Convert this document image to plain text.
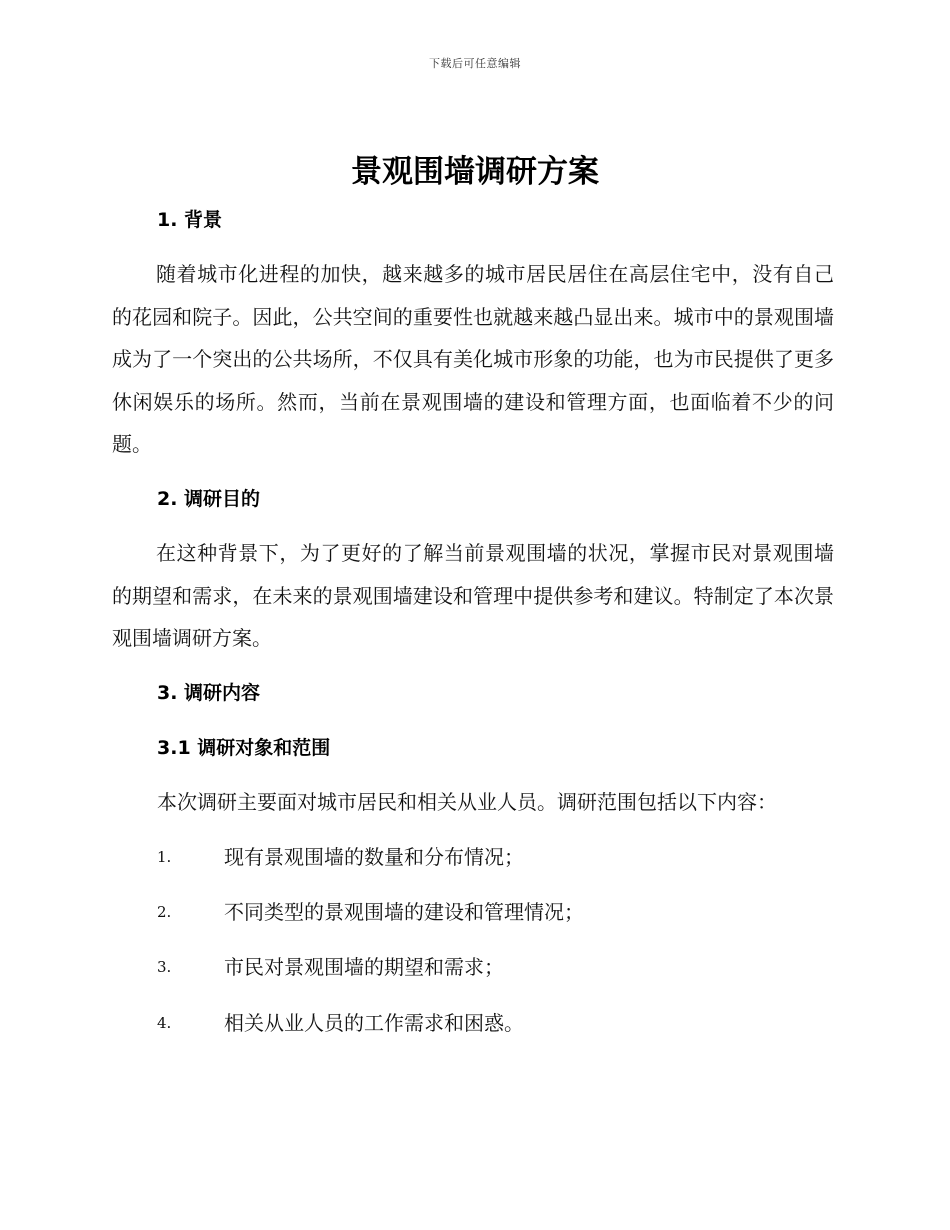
下载后可任意编辑
景观围墙调研方案
1. 背景
随着城市化进程的加快，越来越多的城市居民居住在高层住宅中，没有自己的花园和院子。因此，公共空间的重要性也就越来越凸显出来。城市中的景观围墙成为了一个突出的公共场所，不仅具有美化城市形象的功能，也为市民提供了更多休闲娱乐的场所。然而，当前在景观围墙的建设和管理方面，也面临着不少的问题。
2. 调研目的
在这种背景下，为了更好的了解当前景观围墙的状况，掌握市民对景观围墙的期望和需求，在未来的景观围墙建设和管理中提供参考和建议。特制定了本次景观围墙调研方案。
3. 调研内容
3.1 调研对象和范围
本次调研主要面对城市居民和相关从业人员。调研范围包括以下内容：
1.	现有景观围墙的数量和分布情况；
2.	不同类型的景观围墙的建设和管理情况；
3.	市民对景观围墙的期望和需求；
4.	相关从业人员的工作需求和困惑。
